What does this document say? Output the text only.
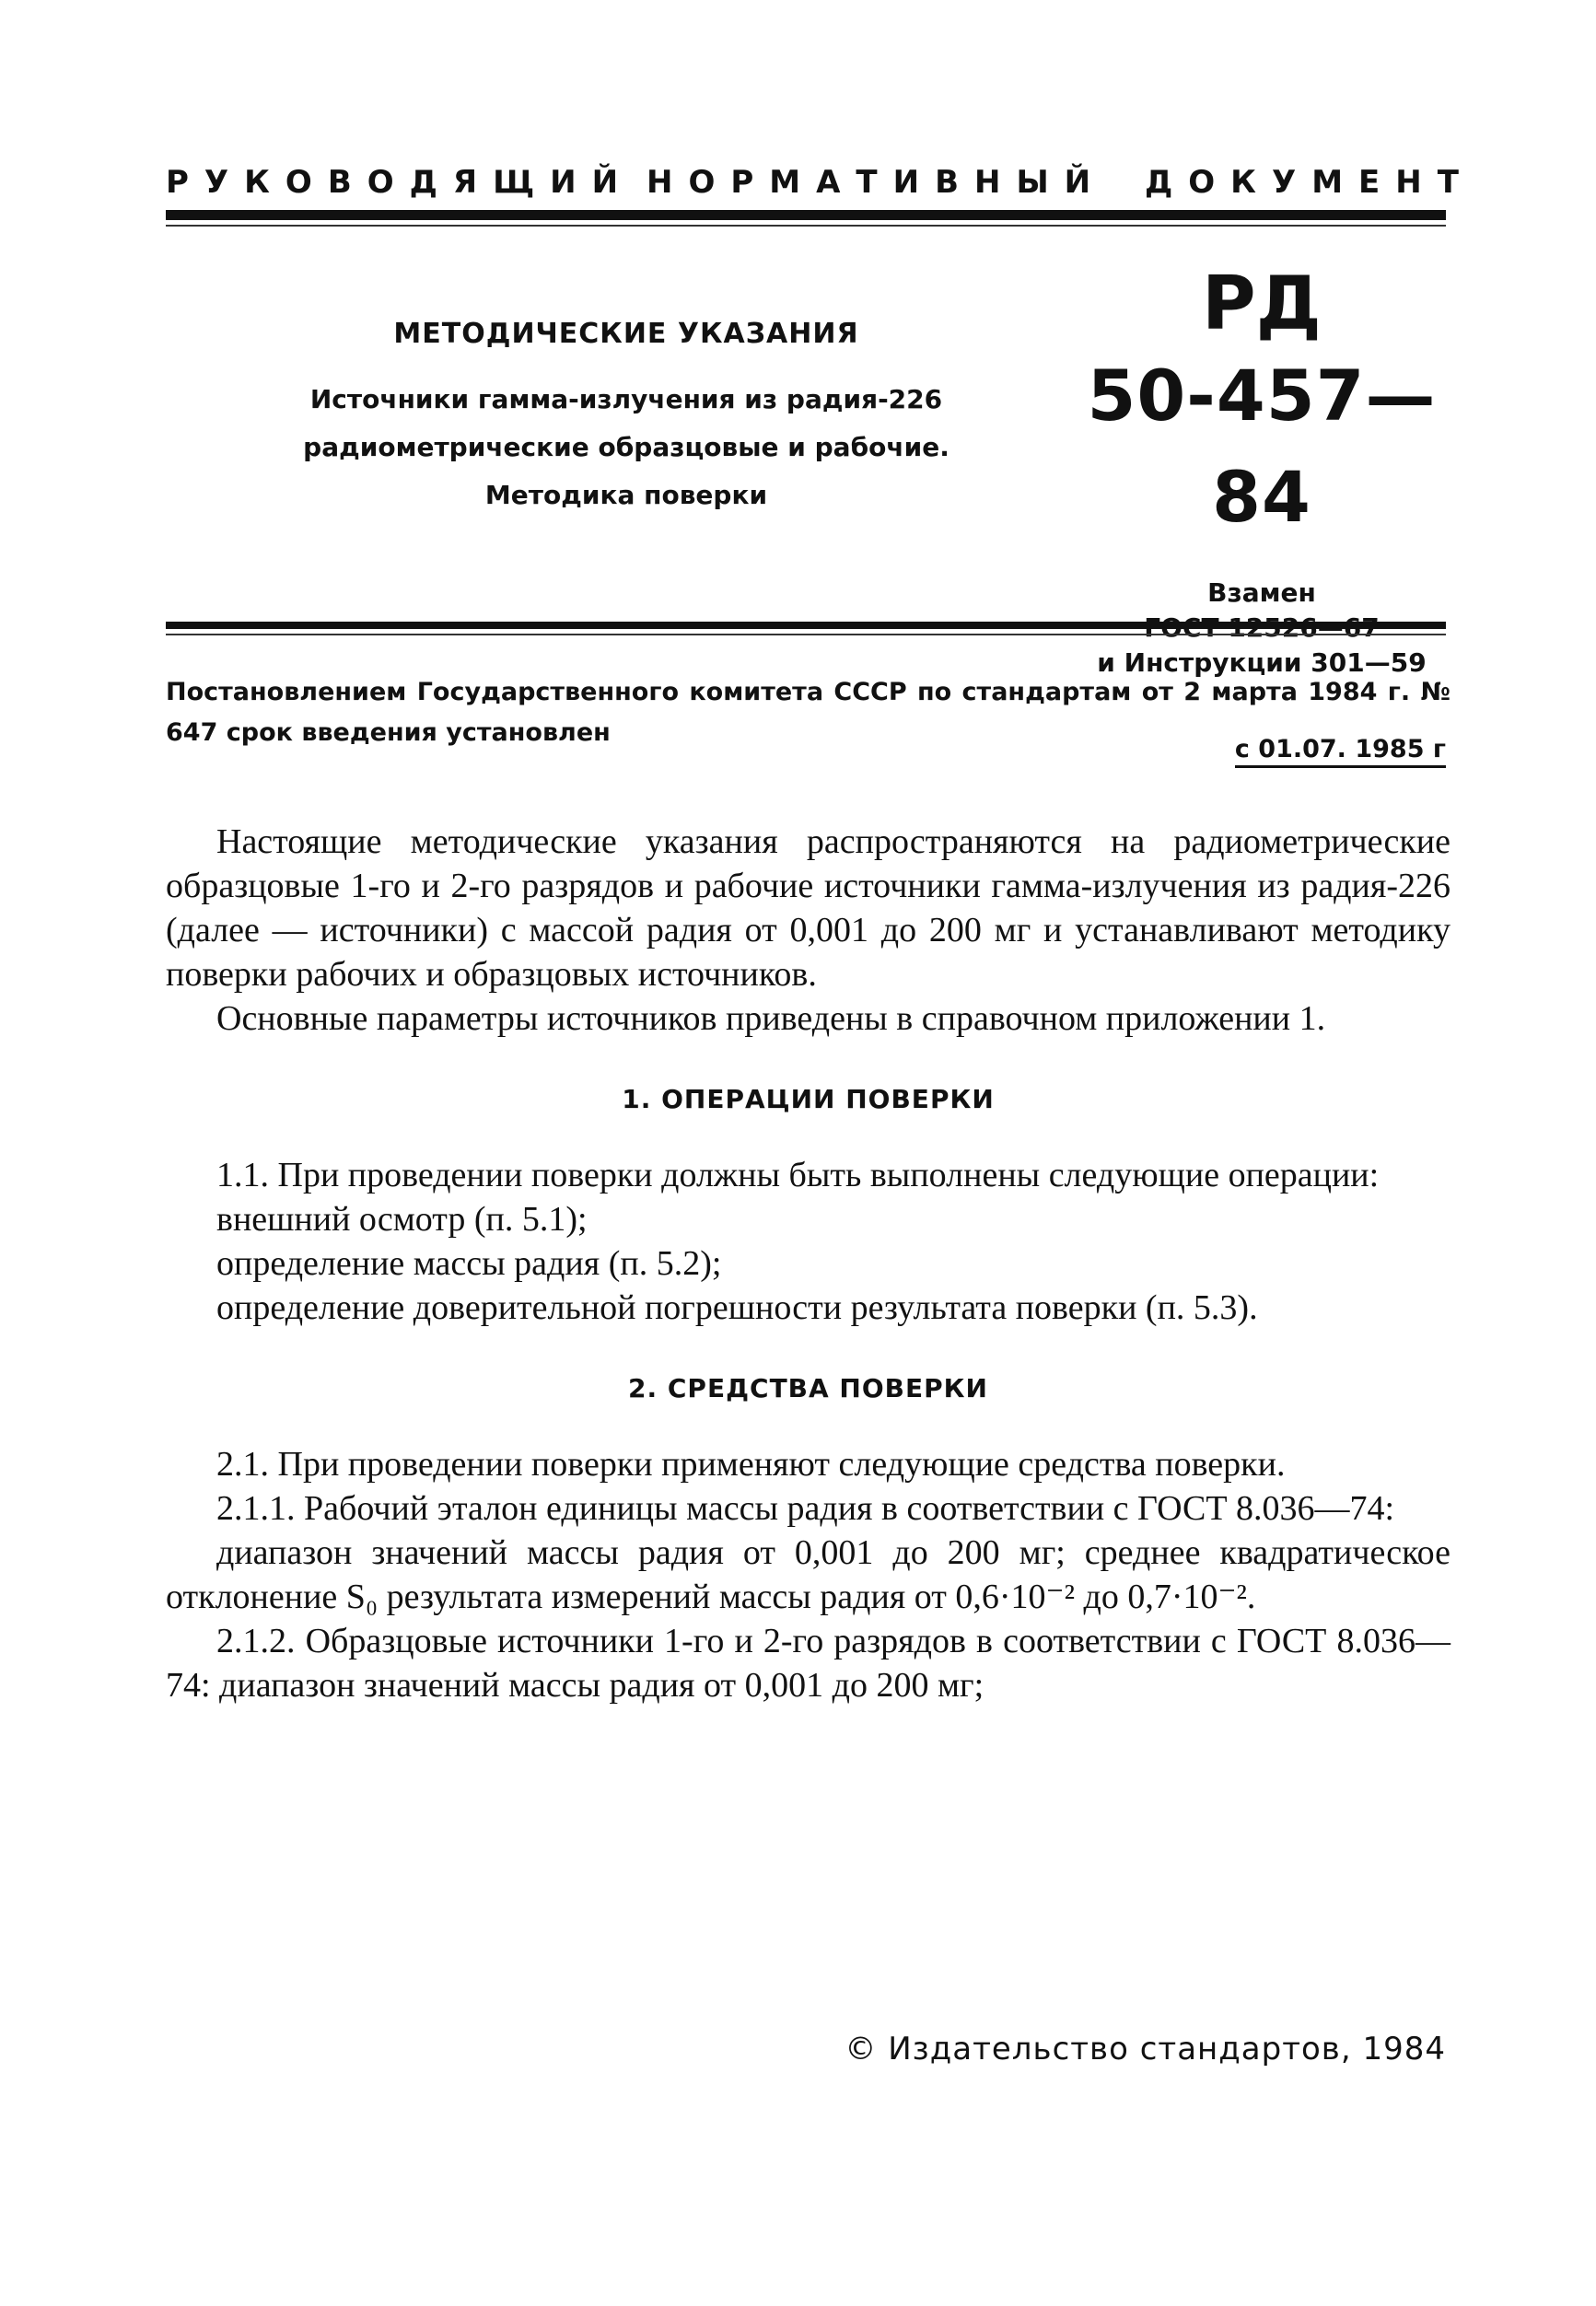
РУКОВОДЯЩИЙ НОРМАТИВНЫЙ ДОКУМЕНТ
МЕТОДИЧЕСКИЕ УКАЗАНИЯ
Источники гамма-излучения из радия-226
радиометрические образцовые и рабочие.
Методика поверки
РД
50-457—84
Взамен
и Инструкции 301—59
Постановлением Государственного комитета СССР по стандартам от 2 марта 1984 г. № 647 срок введения установлен
с 01.07. 1985 г

Настоящие методические указания распространяются на радиометрические образцовые 1-го и 2-го разрядов и рабочие источники гамма-излучения из радия-226 (далее — источники) с массой радия от 0,001 до 200 мг и устанавливают методику поверки рабочих и образцовых источников.

Основные параметры источников приведены в справочном приложении 1.

1. ОПЕРАЦИИ ПОВЕРКИ

1.1. При проведении поверки должны быть выполнены следующие операции:

внешний осмотр (п. 5.1);

определение массы радия (п. 5.2);

определение доверительной погрешности результата поверки (п. 5.3).

2. СРЕДСТВА ПОВЕРКИ

2.1. При проведении поверки применяют следующие средства поверки.

2.1.1. Рабочий эталон единицы массы радия в соответствии с ГОСТ 8.036—74:

диапазон значений массы радия от 0,001 до 200 мг; среднее квадратическое отклонение S₀ результата измерений массы радия от 0,6·10⁻² до 0,7·10⁻².

2.1.2. Образцовые источники 1-го и 2-го разрядов в соответствии с ГОСТ 8.036—74: диапазон значений массы радия от 0,001 до 200 мг;

© Издательство стандартов, 1984
